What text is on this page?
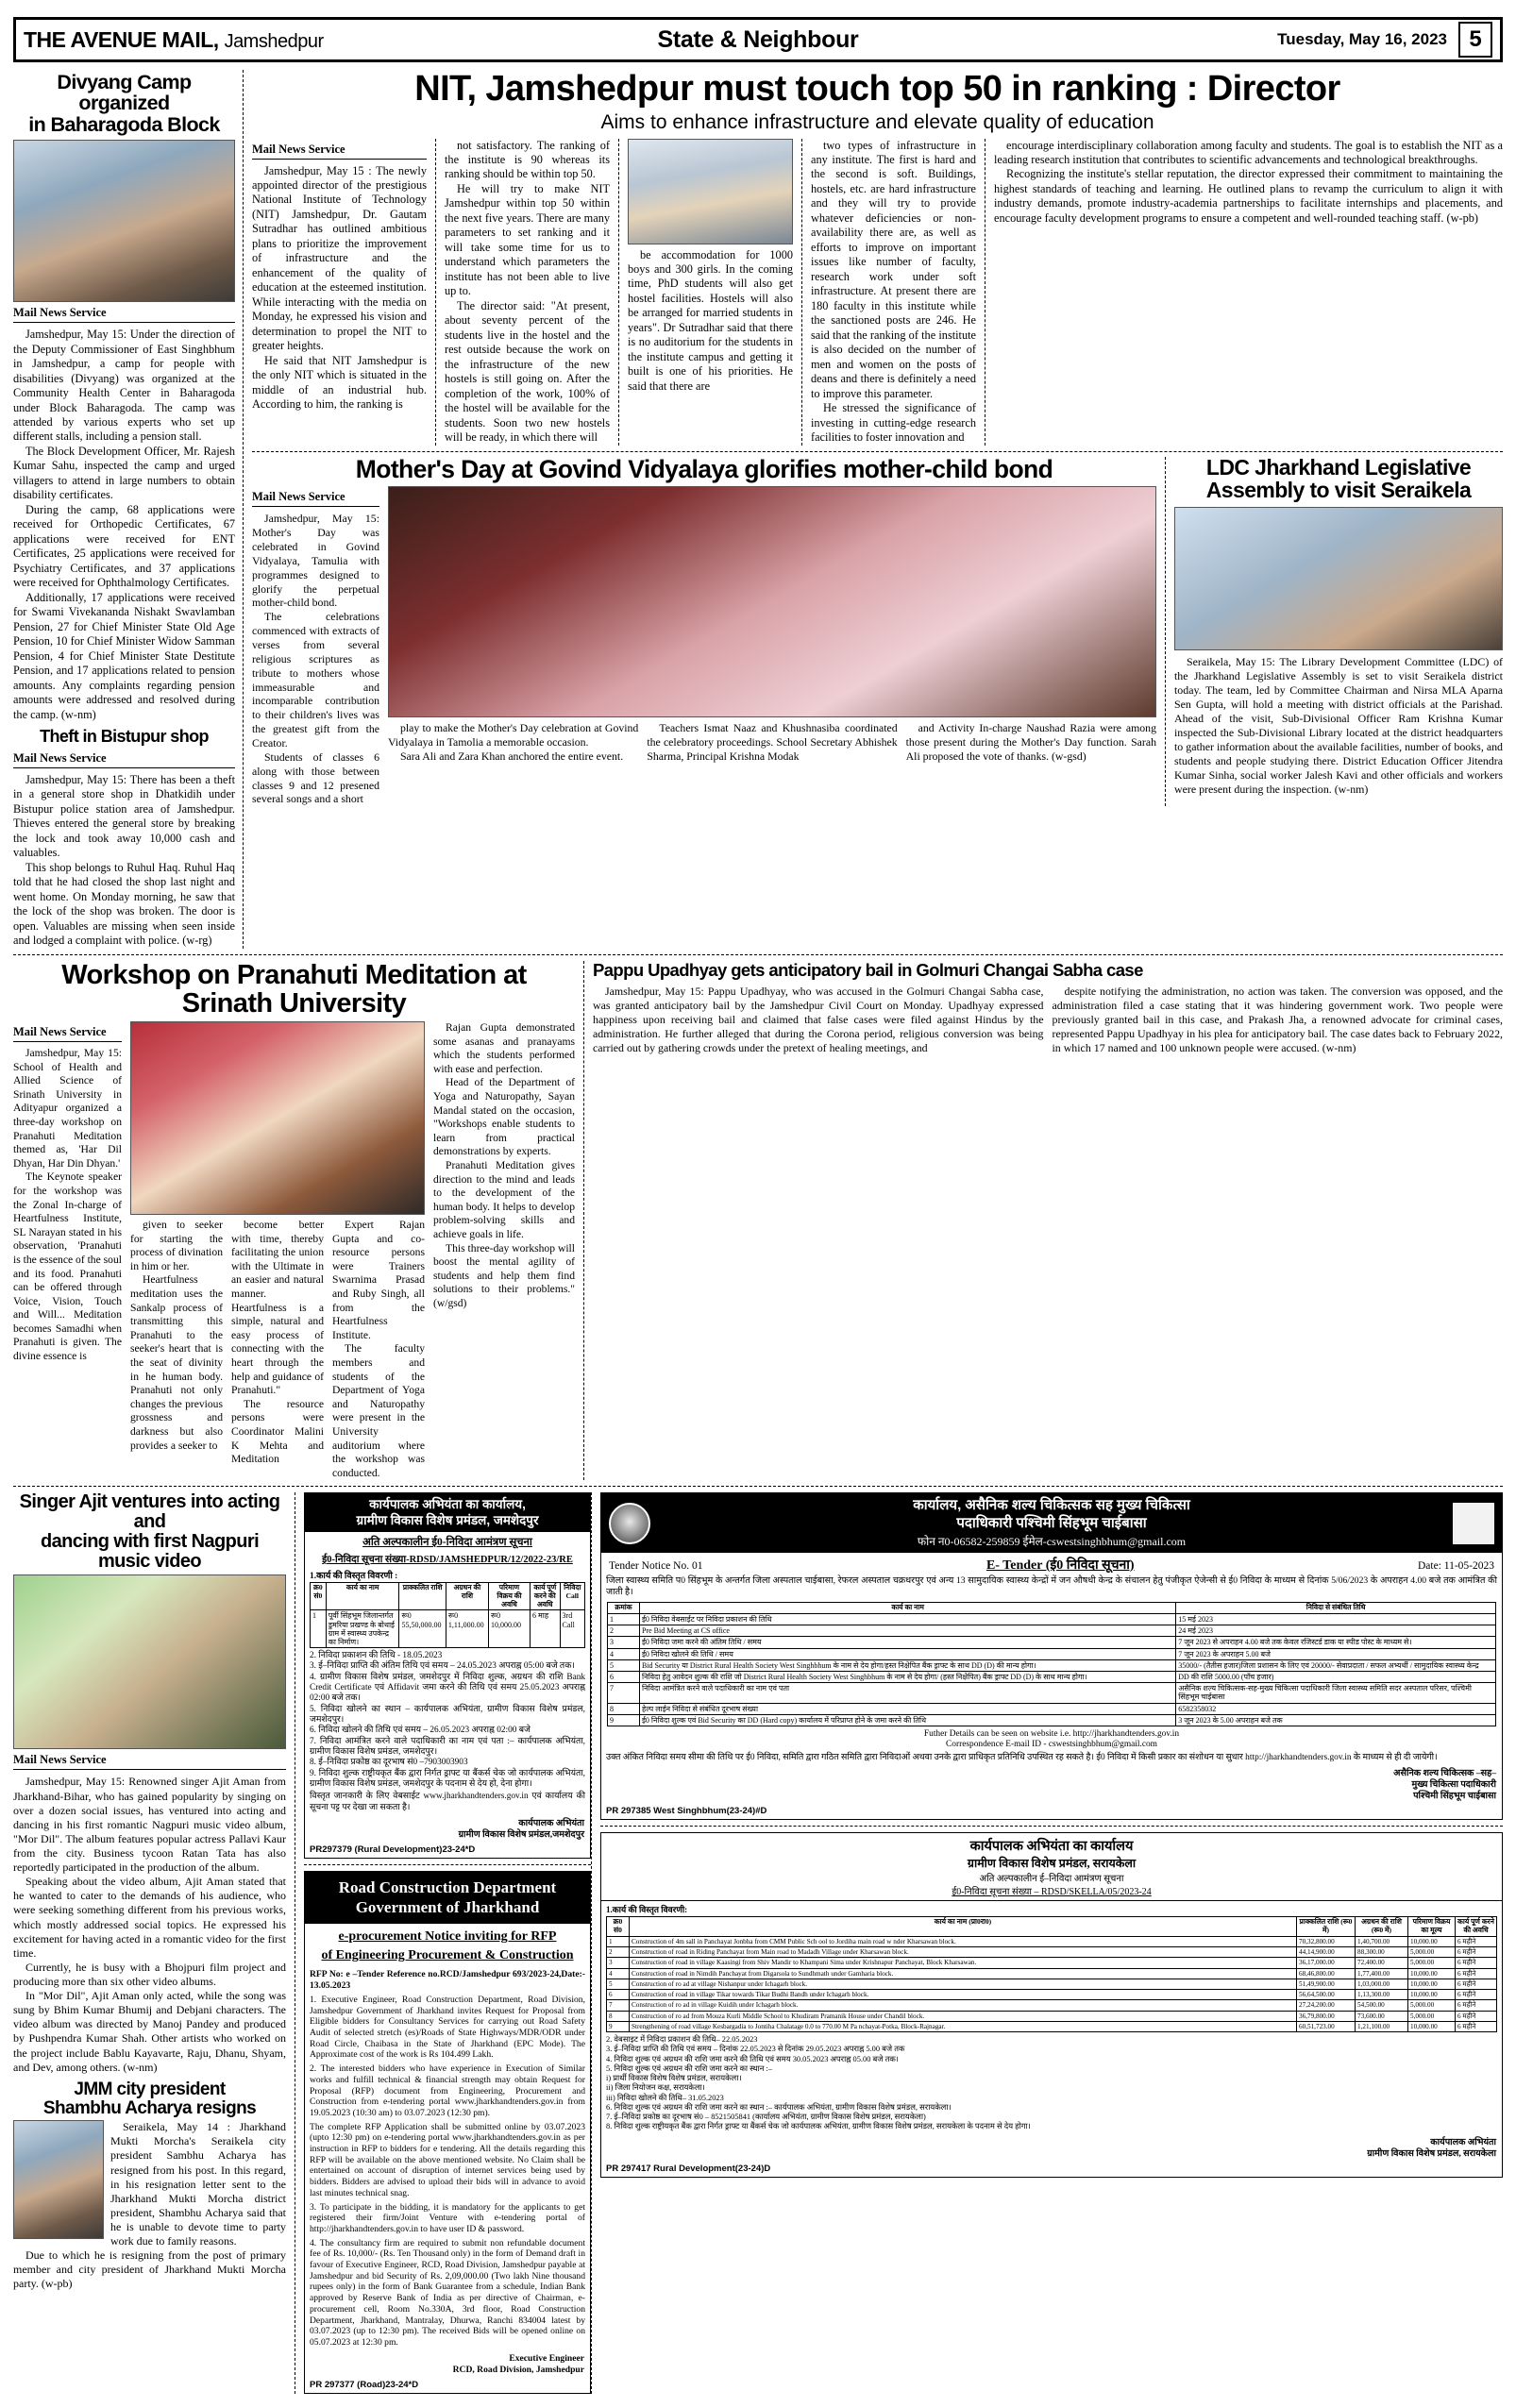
THE AVENUE MAIL, Jamshedpur	State & Neighbour	Tuesday, May 16, 2023 5
Divyang Camp organized
in Baharagoda Block
Mail News Service

Jamshedpur, May 15: Under the direction of the Deputy Commissioner of East Singhbhum in Jamshedpur, a camp for people with disabilities (Divyang) was organized at the Community Health Center in Baharagoda under Block Baharagoda. The camp was attended by various experts who set up different stalls, including a pension stall.

The Block Development Officer, Mr. Rajesh Kumar Sahu, inspected the camp and urged villagers to attend in large numbers to obtain disability certificates.

During the camp, 68 applications were received for Orthopedic Certificates, 67 applications were received for ENT Certificates, 25 applications were received for Psychiatry Certificates, and 37 applications were received for Ophthalmology Certificates.

Additionally, 17 applications were received for Swami Vivekananda Nishakt Swavlamban Pension, 27 for Chief Minister State Old Age Pension, 10 for Chief Minister Widow Samman Pension, 4 for Chief Minister State Destitute Pension, and 17 applications related to pension amounts. Any complaints regarding pension amounts were addressed and resolved during the camp. (w-nm)

Theft in Bistupur shop
Mail News Service

Jamshedpur, May 15: There has been a theft in a general store shop in Dhatkidih under Bistupur police station area of Jamshedpur. Thieves entered the general store by breaking the lock and took away 10,000 cash and valuables.

This shop belongs to Ruhul Haq. Ruhul Haq told that he had closed the shop last night and went home. On Monday morning, he saw that the lock of the shop was broken. The door is open. Valuables are missing when seen inside and lodged a complaint with police. (w-rg)

NIT, Jamshedpur must touch top 50 in ranking : Director
Aims to enhance infrastructure and elevate quality of education
Mail News Service

Jamshedpur, May 15 : The newly appointed director of the prestigious National Institute of Technology (NIT) Jamshedpur, Dr. Gautam Sutradhar has outlined ambitious plans to prioritize the improvement of infrastructure and the enhancement of the quality of education at the esteemed institution. While interacting with the media on Monday, he expressed his vision and determination to propel the NIT to greater heights.

He said that NIT Jamshedpur is the only NIT which is situated in the middle of an industrial hub. According to him, the ranking is

not satisfactory. The ranking of the institute is 90 whereas its ranking should be within top 50.

He will try to make NIT Jamshedpur within top 50 within the next five years. There are many parameters to set ranking and it will take some time for us to understand which parameters the institute has not been able to live up to.

The director said: "At present, about seventy percent of the students live in the hostel and the rest outside because the work on the infrastructure of the new hostels is still going on. After the completion of the work, 100% of the hostel will be available for the students. Soon two new hostels will be ready, in which there will

be accommodation for 1000 boys and 300 girls. In the coming time, PhD students will also get hostel facilities. Hostels will also be arranged for married students in years". Dr Sutradhar said that there is no auditorium for the students in the institute campus and getting it built is one of his priorities. He said that there are

two types of infrastructure in any institute. The first is hard and the second is soft. Buildings, hostels, etc. are hard infrastructure and they will try to provide whatever deficiencies or non-availability there are, as well as efforts to improve on important issues like number of faculty, research work under soft infrastructure. At present there are 180 faculty in this institute while the sanctioned posts are 246. He said that the ranking of the institute is also decided on the number of men and women on the posts of deans and there is definitely a need to improve this parameter.

He stressed the significance of investing in cutting-edge research facilities to foster innovation and

encourage interdisciplinary collaboration among faculty and students. The goal is to establish the NIT as a leading research institution that contributes to scientific advancements and technological breakthroughs.

Recognizing the institute's stellar reputation, the director expressed their commitment to maintaining the highest standards of teaching and learning. He outlined plans to revamp the curriculum to align it with industry demands, promote industry-academia partnerships to facilitate internships and placements, and encourage faculty development programs to ensure a competent and well-rounded teaching staff. (w-pb)

Mother's Day at Govind Vidyalaya glorifies mother-child bond
Mail News Service

Jamshedpur, May 15: Mother's Day was celebrated in Govind Vidyalaya, Tamulia with programmes designed to glorify the perpetual mother-child bond.

The celebrations commenced with extracts of verses from several religious scriptures as tribute to mothers whose immeasurable and incomparable contribution to their children's lives was the greatest gift from the Creator.

Students of classes 6 along with those between classes 9 and 12 presened several songs and a short

play to make the Mother's Day celebration at Govind Vidyalaya in Tamolia a memorable occasion.

Sara Ali and Zara Khan anchored the entire event.

Teachers Ismat Naaz and Khushnasiba coordinated the celebratory proceedings. School Secretary Abhishek Sharma, Principal Krishna Modak

and Activity In-charge Naushad Razia were among those present during the Mother's Day function. Sarah Ali proposed the vote of thanks. (w-gsd)

LDC Jharkhand Legislative
Assembly to visit Seraikela

Seraikela, May 15: The Library Development Committee (LDC) of the Jharkhand Legislative Assembly is set to visit Seraikela district today. The team, led by Committee Chairman and Nirsa MLA Aparna Sen Gupta, will hold a meeting with district officials at the Parishad. Ahead of the visit, Sub-Divisional Officer Ram Krishna Kumar inspected the Sub-Divisional Library located at the district headquarters to gather information about the available facilities, number of books, and students and people studying there. District Education Officer Jitendra Kumar Sinha, social worker Jalesh Kavi and other officials and workers were present during the inspection. (w-nm)

Workshop on Pranahuti Meditation at Srinath University
Mail News Service

Jamshedpur, May 15: School of Health and Allied Science of Srinath University in Adityapur organized a three-day workshop on Pranahuti Meditation themed as, 'Har Dil Dhyan, Har Din Dhyan.'

The Keynote speaker for the workshop was the Zonal In-charge of Heartfulness Institute, SL Narayan stated in his observation, 'Pranahuti is the essence of the soul and its food. Pranahuti can be offered through Voice, Vision, Touch and Will... Meditation becomes Samadhi when Pranahuti is given. The divine essence is

given to seeker for starting the process of divination in him or her.

Heartfulness meditation uses the Sankalp process of transmitting this Pranahuti to the seeker's heart that is the seat of divinity in he human body. Pranahuti not only changes the previous grossness and darkness but also provides a seeker to

become better with time, thereby facilitating the union with the Ultimate in an easier and natural manner. Heartfulness is a simple, natural and easy process of connecting with the heart through the help and guidance of Pranahuti."

The resource persons were Coordinator Malini K Mehta and Meditation

Expert Rajan Gupta and co-resource persons were Trainers Swarnima Prasad and Ruby Singh, all from the Heartfulness Institute.

The faculty members and students of the Department of Yoga and Naturopathy were present in the University auditorium where the workshop was conducted.

Rajan Gupta demonstrated some asanas and pranayams which the students performed with ease and perfection.

Head of the Department of Yoga and Naturopathy, Sayan Mandal stated on the occasion, "Workshops enable students to learn from practical demonstrations by experts.

Pranahuti Meditation gives direction to the mind and leads to the development of the human body. It helps to develop problem-solving skills and achieve goals in life.

This three-day workshop will boost the mental agility of students and help them find solutions to their problems." (w/gsd)

Pappu Upadhyay gets anticipatory bail in Golmuri Changai Sabha case

Jamshedpur, May 15: Pappu Upadhyay, who was accused in the Golmuri Changai Sabha case, was granted anticipatory bail by the Jamshedpur Civil Court on Monday. Upadhyay expressed happiness upon receiving bail and claimed that false cases were filed against Hindus by the administration. He further alleged that during the Corona period, religious conversion was being carried out by gathering crowds under the pretext of healing meetings, and

despite notifying the administration, no action was taken. The conversion was opposed, and the administration filed a case stating that it was hindering government work. Two people were previously granted bail in this case, and Prakash Jha, a renowned advocate for criminal cases, represented Pappu Upadhyay in his plea for anticipatory bail. The case dates back to February 2022, in which 17 named and 100 unknown people were accused. (w-nm)

Singer Ajit ventures into acting and
dancing with first Nagpuri music video
Mail News Service

Jamshedpur, May 15: Renowned singer Ajit Aman from Jharkhand-Bihar, who has gained popularity by singing on over a dozen social issues, has ventured into acting and dancing in his first romantic Nagpuri music video album, "Mor Dil". The album features popular actress Pallavi Kaur from the city. Business tycoon Ratan Tata has also reportedly participated in the production of the album.

Speaking about the video album, Ajit Aman stated that he wanted to cater to the demands of his audience, who were seeking something different from his previous works, which mostly addressed social topics. He expressed his excitement for having acted in a romantic video for the first time.

Currently, he is busy with a Bhojpuri film project and producing more than six other video albums.

In "Mor Dil", Ajit Aman only acted, while the song was sung by Bhim Kumar Bhumij and Debjani characters. The video album was directed by Manoj Pandey and produced by Pushpendra Kumar Shah. Other artists who worked on the project include Bablu Kayavarte, Raju, Dhanu, Shyam, and Dev, among others. (w-nm)

JMM city president
Shambhu Acharya resigns

Seraikela, May 14 : Jharkhand Mukti Morcha's Seraikela city president Sambhu Acharya has resigned from his post. In this regard, in his resignation letter sent to the Jharkhand Mukti Morcha district president, Shambhu Acharya said that he is unable to devote time to party work due to family reasons.

Due to which he is resigning from the post of primary member and city president of Jharkhand Mukti Morcha party. (w-pb)

कार्यपालक अभियंता का कार्यालय,
ग्रामीण विकास विशेष प्रमंडल, जमशेदपुर
अति अल्पकालीन ई0-निविदा आमंत्रण सूचना
ई0-निविदा सूचना संख्या-RDSD/JAMSHEDPUR/12/2022-23/RE
1.कार्य की विस्तृत विवरणी :
क्र0 सं0	कार्य का नाम	प्राक्कलित राशि	अग्रधन की राशि	परिमाण विक्रय की अवधि	कार्य पूर्ण करने की अवधि	निविदा Call
1	पूर्वी सिंहभूम जिलान्तर्गत डुमरिया प्रखण्ड के बोथाई ग्राम में स्वास्थ्य उपकेन्द्र का निर्माण।	रू0 55,50,000.00	रू0 1,11,000.00	रू0 10,000.00	6 माह	3rd Call
2. निविदा प्रकाशन की तिथि - 18.05.2023
3. ई–निविदा प्राप्ति की अंतिम तिथि एवं समय – 24.05.2023 अपराह्न 05:00 बजे तक।
4. ग्रामीण विकास विशेष प्रमंडल, जमशेदपुर में निविदा शुल्क, अग्रधन की राशि Bank Credit Certificate एवं Affidavit जमा करने की तिथि एवं समय 25.05.2023 अपराह्न 02:00 बजे तक।
5. निविदा खोलने का स्थान – कार्यपालक अभियंता, ग्रामीण विकास विशेष प्रमंडल, जमशेदपुर।
6. निविदा खोलने की तिथि एवं समय – 26.05.2023 अपराह्न 02:00 बजे
7. निविदा आमंत्रित करने वाले पदाधिकारी का नाम एवं पता :– कार्यपालक अभियंता, ग्रामीण विकास विशेष प्रमंडल, जमशेदपुर।
8. ई–निविदा प्रकोष्ठ का दूरभाष सं0 –7903003903
9. निविदा शुल्क राष्ट्रीयकृत बैंक द्वारा निर्गत ड्राफ्ट या बैंकर्स चेक जो कार्यपालक अभियंता, ग्रामीण विकास विशेष प्रमंडल, जमशेदपुर के पदनाम से देय हो, देना होगा।
विस्तृत जानकारी के लिए वेबसाईट www.jharkhandtenders.gov.in एवं कार्यालय की सूचना पट्ट पर देखा जा सकता है।
कार्यपालक अभियंता
ग्रामीण विकास विशेष प्रमंडल,जमशेदपुर
PR297379 (Rural Development)23-24*D
Road Construction Department
Government of Jharkhand
e-procurement Notice inviting for RFP
of Engineering Procurement & Construction
RFP No: e –Tender Reference no.RCD/Jamshedpur 693/2023-24,Date:- 13.05.2023
1. Executive Engineer, Road Construction Department, Road Division, Jamshedpur Government of Jharkhand invites Request for Proposal from Eligible bidders for Consultancy Services for carrying out Road Safety Audit of selected stretch (es)/Roads of State Highways/MDR/ODR under Road Circle, Chaibasa in the State of Jharkhand (EPC Mode). The Approximate cost of the work is Rs 104.499 Lakh.
2. The interested bidders who have experience in Execution of Similar works and fulfill technical & financial strength may obtain Request for Proposal (RFP) document from Engineering, Procurement and Construction from e-tendering portal www.jharkhandtenders.gov.in from 19.05.2023 (10:30 am) to 03.07.2023 (12:30 pm).
The complete RFP Application shall be submitted online by 03.07.2023 (upto 12:30 pm) on e-tendering portal www.jharkhandtenders.gov.in as per instruction in RFP to bidders for e tendering. All the details regarding this RFP will be available on the above mentioned website. No Claim shall be entertained on account of disruption of internet services being used by bidders. Bidders are advised to upload their bids will in advance to avoid last minutes technical snag.
3. To participate in the bidding, it is mandatory for the applicants to get registered their firm/Joint Venture with e-tendering portal of http://jharkhandtenders.gov.in to have user ID & password.
4. The consultancy firm are required to submit non refundable document fee of Rs. 10,000/- (Rs. Ten Thousand only) in the form of Demand draft in favour of Executive Engineer, RCD, Road Division, Jamshedpur payable at Jamshedpur and bid Security of Rs. 2,09,000.00 (Two lakh Nine thousand rupees only) in the form of Bank Guarantee from a schedule, Indian Bank approved by Reserve Bank of India as per directive of Chairman, e- procurement cell, Room No.330A, 3rd floor, Road Construction Department, Jharkhand, Mantralay, Dhurwa, Ranchi 834004 latest by 03.07.2023 (up to 12:30 pm). The received Bids will be opened online on 05.07.2023 at 12:30 pm.
Executive Engineer
RCD, Road Division, Jamshedpur
PR 297377 (Road)23-24*D
कार्यालय, असैनिक शल्य चिकित्सक सह मुख्य चिकित्सा
पदाधिकारी पश्चिमी सिंहभूम चाईबासा
फोन न0-06582-259859 ईमेल-cswestsinghbhum@gmail.com
Tender Notice No. 01	E- Tender (ई0 निविदा सूचना)	Date: 11-05-2023
जिला स्वास्थ्य समिति प0 सिंहभूम के अन्तर्गत जिला अस्पताल चाईबासा, रेफरल अस्पताल चक्रधरपुर एवं अन्य 13 सामुदायिक स्वास्थ्य केन्द्रों में जन औषधी केन्द्र के संचालन हेतु पंजीकृत ऐजेन्सी से ई0 निविदा के माध्यम से दिनांक 5/06/2023 के अपराहन 4.00 बजे तक आमंत्रित की जाती है।
क्रमांक	कार्य का नाम	निविदा से संबंधित तिथि
1	ई0 निविदा वेबसाईट पर निविदा प्रकाशन की तिथि	15 मई 2023
2	Pre Bid Meeting at CS office	24 मई 2023
3	ई0 निविदा जमा करने की अंतिम तिथि / समय	7 जून 2023 से अपराहन 4.00 बजे तक केवल रजिस्टर्ड डाक या स्पीड पोस्ट के माध्यम से।
4	ई0 निविदा खोलने की तिथि / समय	7 जून 2023 के अपराहन 5.00 बजे
5	Bid Security या District Rural Health Society West Singhbhum के नाम से देय होगा/हस्त निक्षेपित बैंक ड्राफ्ट के साथ DD (D) की मान्य होगा।	35000/- (तैतीस हजार)जिला प्रशासन के लिए एवं 20000/- सेवाप्रदाता / सफल अभ्यर्थी / सामुदायिक स्वास्थ्य केन्द्र
6	निविदा हेतु आवेदन शुल्क की राशि जो District Rural Health Society West Singhbhum के नाम से देय होगा/ (हस्त निक्षेपित) बैंक ड्राफ्ट DD (D) के साथ मान्य होगा।	DD की राशि 5000.00 (पाँच हजार)
7	निविदा आमंत्रित करने वाले पदाधिकारी का नाम एवं पता	असैनिक शल्य चिकित्सक-सह-मुख्य चिकित्सा पदाधिकारी जिला स्वास्थ्य समिति सदर अस्पताल परिसर, पश्चिमी सिंहभूम चाईबासा
8	हेल्प लाईन निविदा से संबंधित दूरभाष संख्या	6582358032
9	ई0 निविदा शुल्क एवं Bid Security का DD (Hard copy) कार्यालय में परिप्राप्त होने के जमा करने की तिथि	3 जून 2023 के 5.00 अपराहन बजे तक
Futher Details can be seen on website i.e. http://jharkhandtenders.gov.in
Correspondence E-mail ID - cswestsinghbhum@gmail.com
उक्त अंकित निविदा समय सीमा की तिथि पर ई0 निविदा, समिति द्वारा गठित समिति द्वारा निविदाओं अथवा उनके द्वारा प्राधिकृत प्रतिनिधि उपस्थित रह सकते है। ई0 निविदा में किसी प्रकार का संशोधन या सुधार http://jharkhandtenders.gov.in के माध्यम से ही दी जायेगी।
असैनिक शल्य चिकित्सक –सह–
मुख्य चिकित्सा पदाधिकारी
पश्चिमी सिंहभूम चाईबासा
PR 297385 West Singhbhum(23-24)#D
कार्यपालक अभियंता का कार्यालय
ग्रामीण विकास विशेष प्रमंडल, सरायकेला
अति अल्पकालीन ई–निविदा आमंत्रण सूचना
ई0-निविदा सूचना संख्या – RDSD/SKELLA/05/2023-24
1.कार्य की विस्तृत विवरणी:
क्र0 सं0	कार्य का नाम (प्रा0रा0)	प्राक्कलित राशि (रू0 में)	अग्रधन की राशि (रू0 में)	परिमाण विक्रय का मूल्य	कार्य पूर्ण करने की अवधि
1	Construction of 4m sall in Panchayat Jonbha from CMM Public Sch ool to Jordiha main road w nder Kharsawan block.	70,32,800.00	1,40,700.00	10,000.00	6 महीने
2	Construction of road in Riding Panchayat from Main road to Madadh Village under Kharsawan block.	44,14,900.00	88,300.00	5,000.00	6 महीने
3	Construction of road in village Kaasingi from Shiv Mandir to Khampani Sima under Krishnapur Panchayat, Block Kharsawan.	36,17,000.00	72,400.00	5,000.00	6 महीने
4	Construction of road in Nimdih Panchayat from Digarsola to Sundhmath under Gamharia block.	68,46,800.00	1,77,400.00	10,000.00	6 महीने
5	Construction of ro ad at village Nishanpur under Ichagarh block.	51,49,900.00	1,03,000.00	10,000.00	6 महीने
6	Construction of road in village Tikar towards Tikar Budhi Bandh under Ichagarh block.	56,64,500.00	1,13,300.00	10,000.00	6 महीने
7	Construction of ro ad in village Kuidih under Ichagarh block.	27,24,200.00	54,500.00	5,000.00	6 महीने
8	Construction of ro ad from Mouza Kurli Middle School to Khudiram Pramanik House under Chandil block.	36,79,800.00	73,600.00	5,000.00	6 महीने
9	Strengthening of road village Kesbargadia to Jontiha Chalatage 0.0 to 770.00 M Pa nchayat-Potka, Block-Rajnagar.	60,51,723.00	1,21,100.00	10,000.00	6 महीने
2. वेबसाइट में निविदा प्रकाशन की तिथि– 22.05.2023
3. ई–निविदा प्राप्ति की तिथि एवं समय – दिनांक 22.05.2023 से दिनांक 29.05.2023 अपराह्न 5.00 बजे तक
4. निविदा शुल्क एवं अग्रधन की राशि जमा करने की तिथि एवं समय 30.05.2023 अपराह्न 05.00 बजे तक।
5. निविदा शुल्क एवं अग्रधन की राशि जमा करने का स्थान :–
i) प्रार्थी विकास विशेष विशेष प्रमंडल, सरायकेला।
ii) जिला नियोजन कक्ष, सरायकेला।
iii) निविदा खोलने की तिथि– 31.05.2023
6. निविदा शुल्क एवं अग्रधन की राशि जमा करने का स्थान :– कार्यपालक अभियंता, ग्रामीण विकास विशेष प्रमंडल, सरायकेला।
7. ई–निविदा प्रकोष्ठ का दूरभाष सं0 – 8521505841 (कार्यालय अभियंता, ग्रामीण विकास विशेष प्रमंडल, सरायकेला)
8. निविदा शुल्क राष्ट्रीयकृत बैंक द्वारा निर्गत ड्राफ्ट या बैंकर्स चेक जो कार्यपालक अभियंता, ग्रामीण विकास विशेष प्रमंडल, सरायकेला के पदनाम से देय होगा।
कार्यपालक अभियंता
ग्रामीण विकास विशेष प्रमंडल, सरायकेला
PR 297417 Rural Development(23-24)D
